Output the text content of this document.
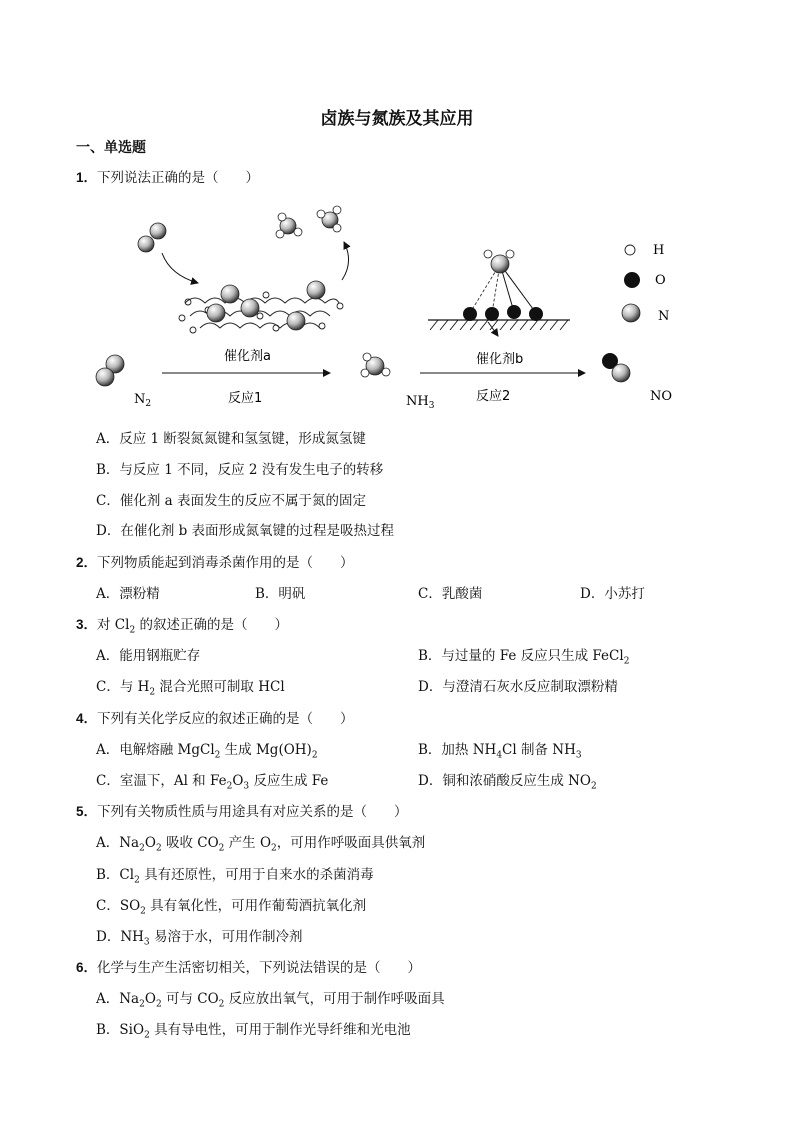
卤族与氮族及其应用
一、单选题
1．下列说法正确的是（　　）
$N_2$
催化剂a
反应1	$NH_3$
催化剂b
反应2	NO
H
O
N
A．反应 1 断裂氮氮键和氢氢键，形成氮氢键
B．与反应 1 不同，反应 2 没有发生电子的转移
C．催化剂 a 表面发生的反应不属于氮的固定
D．在催化剂 b 表面形成氮氧键的过程是吸热过程
2．下列物质能起到消毒杀菌作用的是（　　）
A．漂粉精	B．明矾	C．乳酸菌	D．小苏打
3．对 $Cl_2$ 的叙述正确的是（　　）
A．能用钢瓶贮存	B．与过量的 Fe 反应只生成 FeCl$_2$
C．与 $H_2$ 混合光照可制取 HCl	D．与澄清石灰水反应制取漂粉精
4．下列有关化学反应的叙述正确的是（　　）
A．电解熔融 MgCl$_2$ 生成 $Mg(OH)_2$	B．加热 $NH_4Cl$ 制备 $NH_3$
C．室温下，Al 和 $Fe_2O_3$ 反应生成 Fe	D．铜和浓硝酸反应生成 $NO_2$
5．下列有关物质性质与用途具有对应关系的是（　　）
A．$Na_2O_2$ 吸收 $CO_2$ 产生 $O_2$，可用作呼吸面具供氧剂
B．$Cl_2$ 具有还原性，可用于自来水的杀菌消毒
C．$SO_2$ 具有氧化性，可用作葡萄酒抗氧化剂
D．$NH_3$ 易溶于水，可用作制冷剂
6．化学与生产生活密切相关，下列说法错误的是（　　）
A．$Na_2O_2$ 可与 $CO_2$ 反应放出氧气，可用于制作呼吸面具
B．SiO$_2$ 具有导电性，可用于制作光导纤维和光电池
